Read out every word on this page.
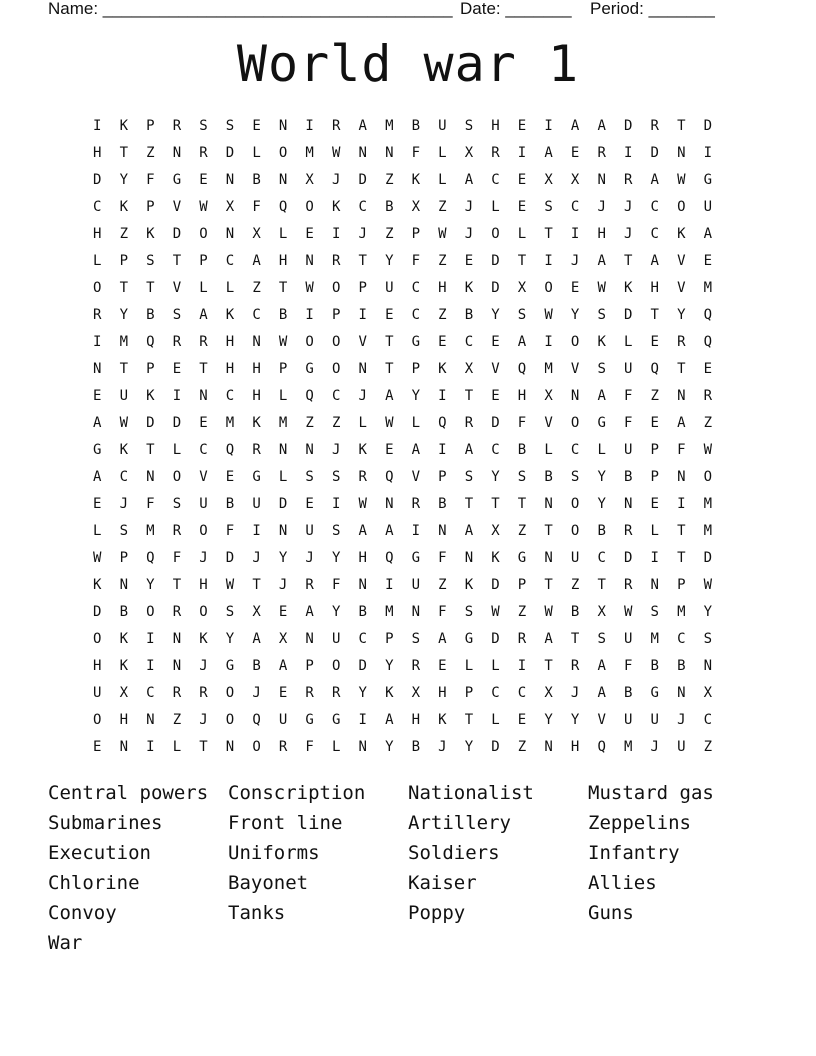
Name: _____________________________________ Date: _______ Period: _______
World war 1
I	K	P	R	S	S	E	N	I	R	A	M	B	U	S	H	E	I	A	A	D	R	T	D
H	T	Z	N	R	D	L	O	M	W	N	N	F	L	X	R	I	A	E	R	I	D	N	I
D	Y	F	G	E	N	B	N	X	J	D	Z	K	L	A	C	E	X	X	N	R	A	W	G
C	K	P	V	W	X	F	Q	O	K	C	B	X	Z	J	L	E	S	C	J	J	C	O	U
H	Z	K	D	O	N	X	L	E	I	J	Z	P	W	J	O	L	T	I	H	J	C	K	A
L	P	S	T	P	C	A	H	N	R	T	Y	F	Z	E	D	T	I	J	A	T	A	V	E
O	T	T	V	L	L	Z	T	W	O	P	U	C	H	K	D	X	O	E	W	K	H	V	M
R	Y	B	S	A	K	C	B	I	P	I	E	C	Z	B	Y	S	W	Y	S	D	T	Y	Q
I	M	Q	R	R	H	N	W	O	O	V	T	G	E	C	E	A	I	O	K	L	E	R	Q
N	T	P	E	T	H	H	P	G	O	N	T	P	K	X	V	Q	M	V	S	U	Q	T	E
E	U	K	I	N	C	H	L	Q	C	J	A	Y	I	T	E	H	X	N	A	F	Z	N	R
A	W	D	D	E	M	K	M	Z	Z	L	W	L	Q	R	D	F	V	O	G	F	E	A	Z
G	K	T	L	C	Q	R	N	N	J	K	E	A	I	A	C	B	L	C	L	U	P	F	W
A	C	N	O	V	E	G	L	S	S	R	Q	V	P	S	Y	S	B	S	Y	B	P	N	O
E	J	F	S	U	B	U	D	E	I	W	N	R	B	T	T	T	N	O	Y	N	E	I	M
L	S	M	R	O	F	I	N	U	S	A	A	I	N	A	X	Z	T	O	B	R	L	T	M
W	P	Q	F	J	D	J	Y	J	Y	H	Q	G	F	N	K	G	N	U	C	D	I	T	D
K	N	Y	T	H	W	T	J	R	F	N	I	U	Z	K	D	P	T	Z	T	R	N	P	W
D	B	O	R	O	S	X	E	A	Y	B	M	N	F	S	W	Z	W	B	X	W	S	M	Y
O	K	I	N	K	Y	A	X	N	U	C	P	S	A	G	D	R	A	T	S	U	M	C	S
H	K	I	N	J	G	B	A	P	O	D	Y	R	E	L	L	I	T	R	A	F	B	B	N
U	X	C	R	R	O	J	E	R	R	Y	K	X	H	P	C	C	X	J	A	B	G	N	X
O	H	N	Z	J	O	Q	U	G	G	I	A	H	K	T	L	E	Y	Y	V	U	U	J	C
E	N	I	L	T	N	O	R	F	L	N	Y	B	J	Y	D	Z	N	H	Q	M	J	U	Z
Central powers	Conscription	Nationalist	Mustard gas
Submarines	Front line	Artillery	Zeppelins
Execution	Uniforms	Soldiers	Infantry
Chlorine	Bayonet	Kaiser	Allies
Convoy	Tanks	Poppy	Guns
War
